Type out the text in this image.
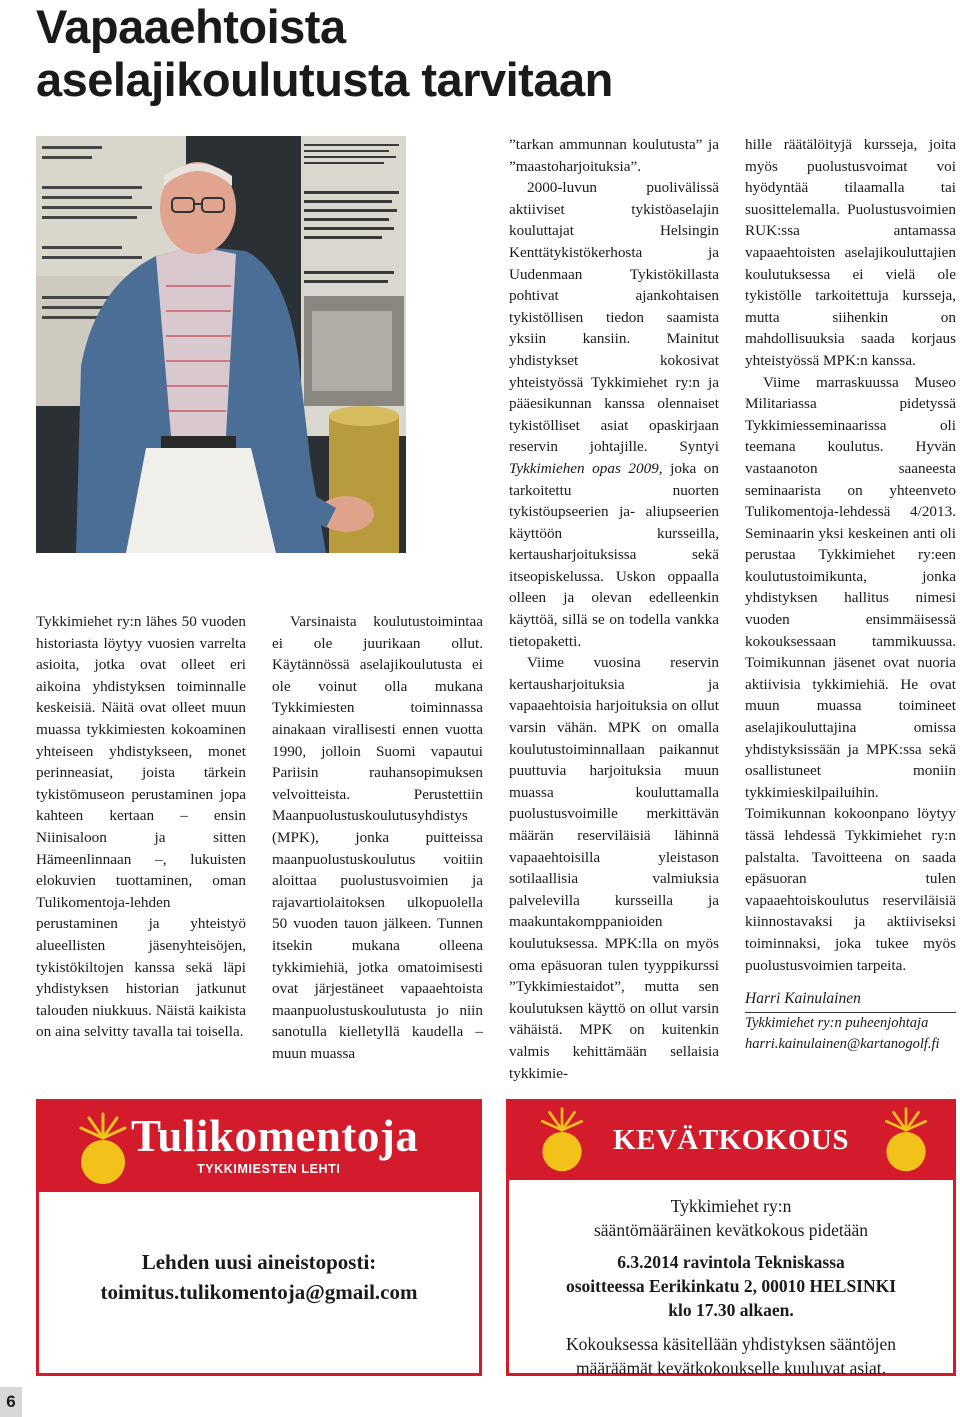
Vapaaehtoista
aselajikoulutusta tarvitaan

Tykkimiehet ry:n lähes 50 vuoden historiasta löytyy vuosien varrelta asioita, jotka ovat olleet eri aikoina yhdistyksen toiminnalle keskeisiä. Näitä ovat olleet muun muassa tykkimiesten kokoaminen yhteiseen yhdistykseen, monet perinneasiat, joista tärkein tykistömuseon perustaminen jopa kahteen kertaan – ensin Niinisaloon ja sitten Hämeenlinnaan –, lukuisten elokuvien tuottaminen, oman Tulikomentoja-lehden perustaminen ja yhteistyö alueellisten jäsenyhteisöjen, tykistökiltojen kanssa sekä läpi yhdistyksen historian jatkunut talouden niukkuus. Näistä kaikista on aina selvitty tavalla tai toisella.

Varsinaista koulutustoimintaa ei ole juurikaan ollut. Käytännössä aselajikoulutusta ei ole voinut olla mukana Tykkimiesten toiminnassa ainakaan virallisesti ennen vuotta 1990, jolloin Suomi vapautui Pariisin rauhansopimuksen velvoitteista. Perustettiin Maanpuolustuskoulutusyhdistys (MPK), jonka puitteissa maanpuolustuskoulutus voitiin aloittaa puolustusvoimien ja rajavartiolaitoksen ulkopuolella 50 vuoden tauon jälkeen. Tunnen itsekin mukana olleena tykkimiehiä, jotka omatoimisesti ovat järjestäneet vapaaehtoista maanpuolustuskoulutusta jo niin sanotulla kielletyllä kaudella – muun muassa

”tarkan ammunnan koulutusta” ja ”maastoharjoituksia”.

2000-luvun puolivälissä aktiiviset tykistöaselajin kouluttajat Helsingin Kenttätykistökerhosta ja Uudenmaan Tykistökillasta pohtivat ajankohtaisen tykistöllisen tiedon saamista yksiin kansiin. Mainitut yhdistykset kokosivat yhteistyössä Tykkimiehet ry:n ja pääesikunnan kanssa olennaiset tykistölliset asiat opaskirjaan reservin johtajille. Syntyi Tykkimiehen opas 2009, joka on tarkoitettu nuorten tykistöupseerien ja- aliupseerien käyttöön kursseilla, kertausharjoituksissa sekä itseopiskelussa. Uskon oppaalla olleen ja olevan edelleenkin käyttöä, sillä se on todella vankka tietopaketti.

Viime vuosina reservin kertausharjoituksia ja vapaaehtoisia harjoituksia on ollut varsin vähän. MPK on omalla koulutustoiminnallaan paikannut puuttuvia harjoituksia muun muassa kouluttamalla puolustusvoimille merkittävän määrän reserviläisiä lähinnä vapaaehtoisilla yleistason sotilaallisia valmiuksia palvelevilla kursseilla ja maakuntakomppanioiden koulutuksessa. MPK:lla on myös oma epäsuoran tulen tyyppikurssi ”Tykkimiestaidot”, mutta sen koulutuksen käyttö on ollut varsin vähäistä. MPK on kuitenkin valmis kehittämään sellaisia tykkimie-

hille räätälöityjä kursseja, joita myös puolustusvoimat voi hyödyntää tilaamalla tai suosittelemalla. Puolustusvoimien RUK:ssa antamassa vapaaehtoisten aselajikouluttajien koulutuksessa ei vielä ole tykistölle tarkoitettuja kursseja, mutta siihenkin on mahdollisuuksia saada korjaus yhteistyössä MPK:n kanssa.

Viime marraskuussa Museo Militariassa pidetyssä Tykkimiesseminaarissa oli teemana koulutus. Hyvän vastaanoton saaneesta seminaarista on yhteenveto Tulikomentoja-lehdessä 4/2013. Seminaarin yksi keskeinen anti oli perustaa Tykkimiehet ry:een koulutustoimikunta, jonka yhdistyksen hallitus nimesi vuoden ensimmäisessä kokouksessaan tammikuussa. Toimikunnan jäsenet ovat nuoria aktiivisia tykkimiehiä. He ovat muun muassa toimineet aselajikouluttajina omissa yhdistyksissään ja MPK:ssa sekä osallistuneet moniin tykkimieskilpailuihin. Toimikunnan kokoonpano löytyy tässä lehdessä Tykkimiehet ry:n palstalta. Tavoitteena on saada epäsuoran tulen vapaaehtoiskoulutus reserviläisiä kiinnostavaksi ja aktiiviseksi toiminnaksi, joka tukee myös puolustusvoimien tarpeita.

Harri Kainulainen
Tykkimiehet ry:n puheenjohtaja
harri.kainulainen@kartanogolf.fi
Tulikomentoja
TYKKIMIESTEN LEHTI
Lehden uusi aineistoposti:
toimitus.tulikomentoja@gmail.com
KEVÄTKOKOUS
Tykkimiehet ry:n
sääntömääräinen kevätkokous pidetään
6.3.2014 ravintola Tekniskassa
osoitteessa Eerikinkatu 2, 00010 HELSINKI
klo 17.30 alkaen.
Kokouksessa käsitellään yhdistyksen sääntöjen
määräämät kevätkokoukselle kuuluvat asiat.
6
